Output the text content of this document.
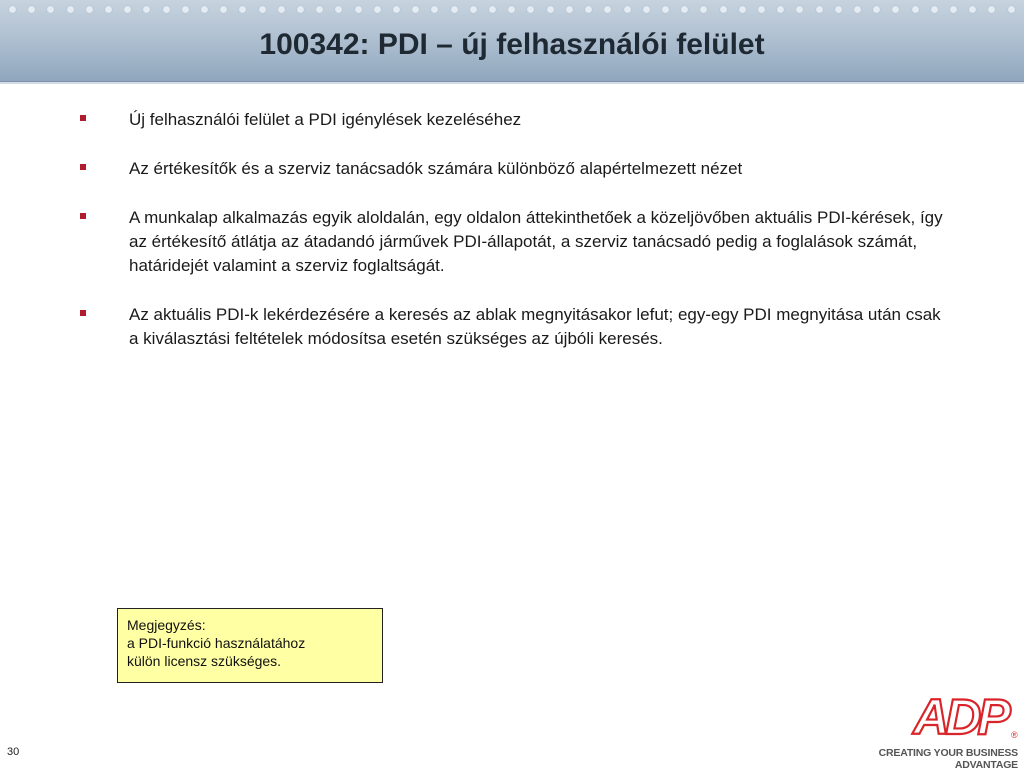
100342: PDI – új felhasználói felület
Új felhasználói felület a PDI igénylések kezeléséhez
Az értékesítők és a szerviz tanácsadók számára különböző alapértelmezett nézet
A munkalap alkalmazás egyik aloldalán, egy oldalon áttekinthetőek a közeljövőben aktuális PDI-kérések, így az értékesítő átlátja az átadandó járművek PDI-állapotát, a szerviz tanácsadó pedig a foglalások számát, határidejét valamint a szerviz foglaltságát.
Az aktuális PDI-k lekérdezésére a keresés az ablak megnyitásakor lefut; egy-egy PDI megnyitása után csak a kiválasztási feltételek módosítsa esetén szükséges az újbóli keresés.
Megjegyzés:
a PDI-funkció használatához
külön licensz szükséges.
30
ADP ®
CREATING YOUR BUSINESS ADVANTAGE
